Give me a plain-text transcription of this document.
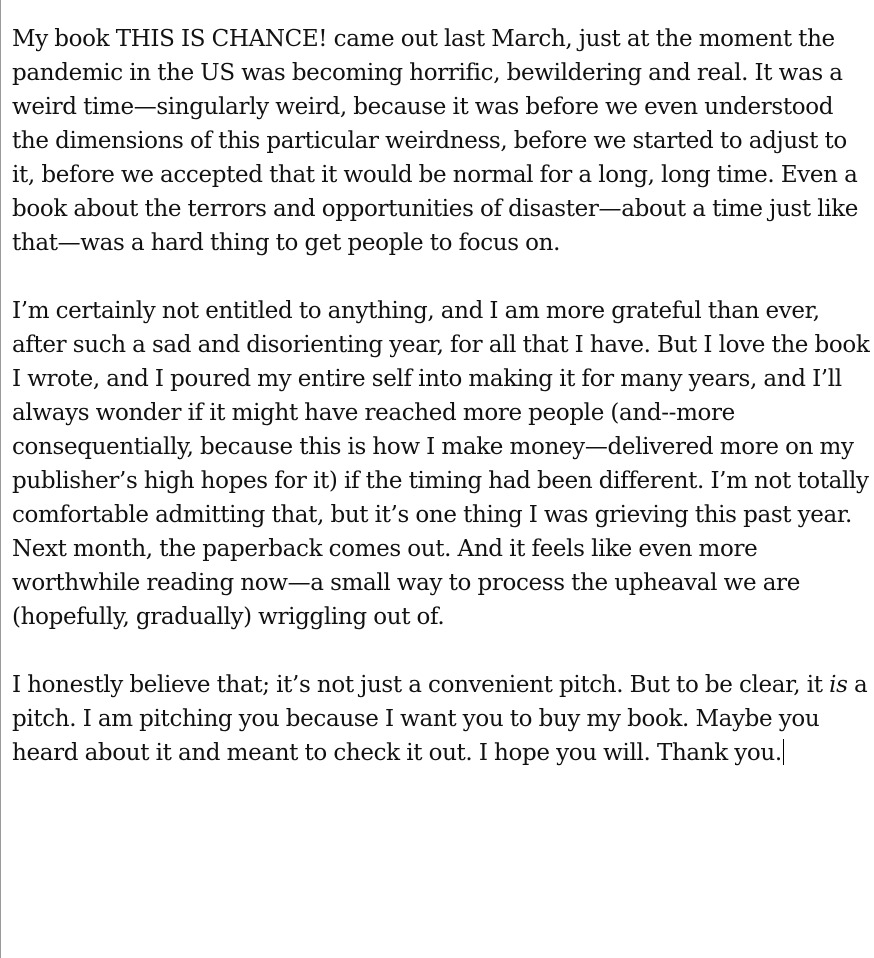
My book THIS IS CHANCE! came out last March, just at the moment the pandemic in the US was becoming horrific, bewildering and real. It was a weird time—singularly weird, because it was before we even understood the dimensions of this particular weirdness, before we started to adjust to it, before we accepted that it would be normal for a long, long time. Even a book about the terrors and opportunities of disaster—about a time just like that—was a hard thing to get people to focus on.

I’m certainly not entitled to anything, and I am more grateful than ever, after such a sad and disorienting year, for all that I have. But I love the book I wrote, and I poured my entire self into making it for many years, and I’ll always wonder if it might have reached more people (and--more consequentially, because this is how I make money—delivered more on my publisher’s high hopes for it) if the timing had been different. I’m not totally comfortable admitting that, but it’s one thing I was grieving this past year. Next month, the paperback comes out. And it feels like even more worthwhile reading now—a small way to process the upheaval we are (hopefully, gradually) wriggling out of.

I honestly believe that; it’s not just a convenient pitch. But to be clear, it is a pitch. I am pitching you because I want you to buy my book. Maybe you heard about it and meant to check it out. I hope you will. Thank you.
